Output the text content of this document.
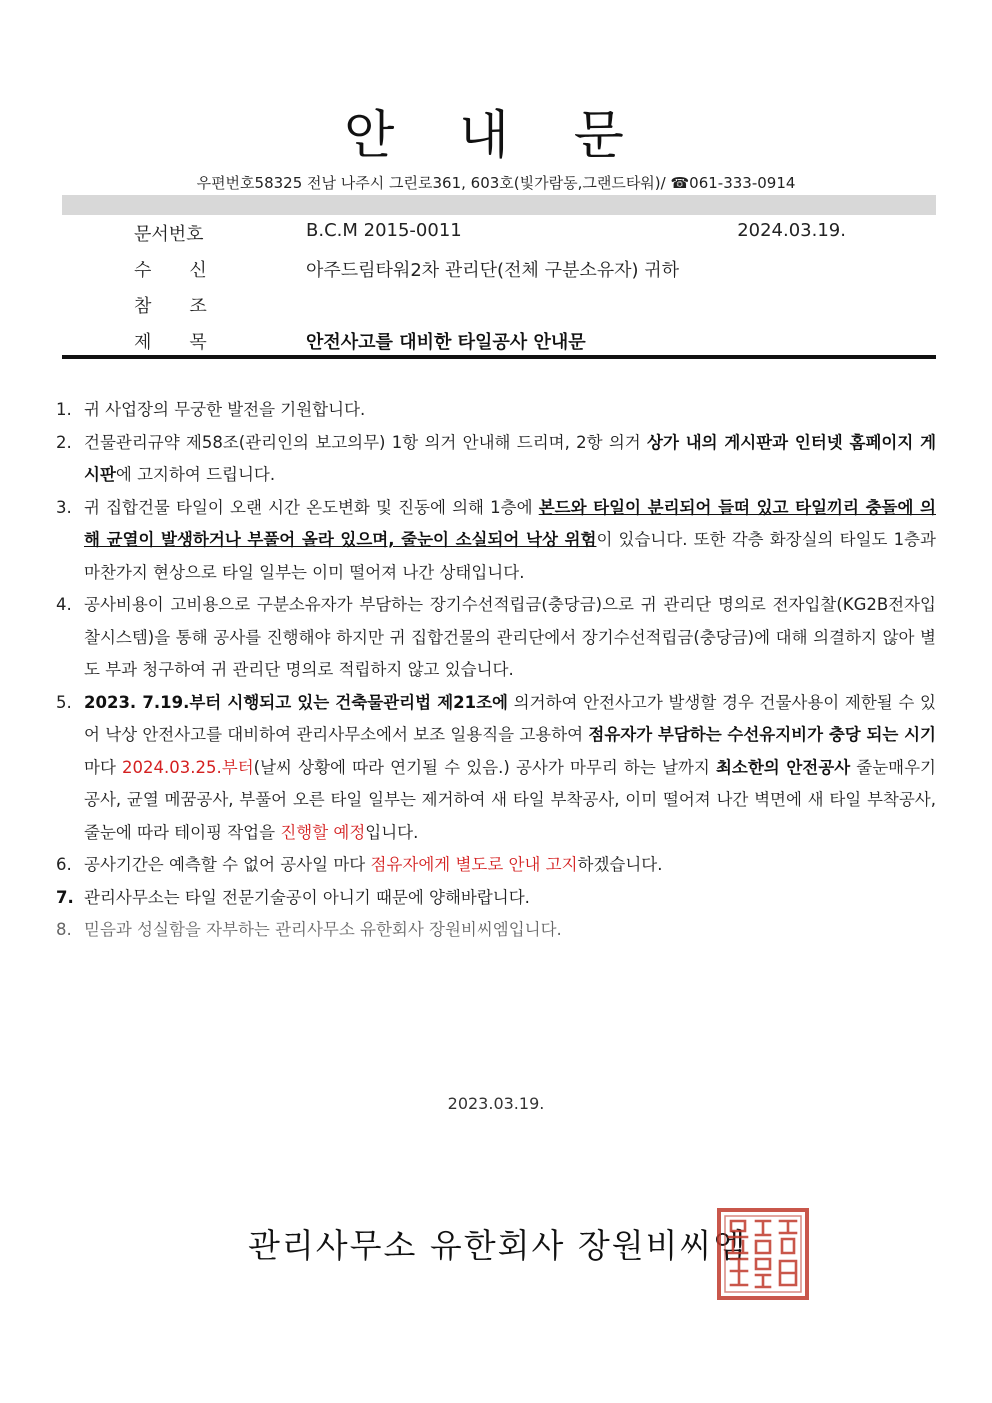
안 내 문
우편번호58325 전남 나주시 그린로361, 603호(빛가람동,그랜드타워)/ ☎061-333-0914
문서번호	B.C.M 2015-0011	2024.03.19.
수신	아주드림타워2차 관리단(전체 구분소유자) 귀하
참조
제목	안전사고를 대비한 타일공사 안내문
1. 귀 사업장의 무궁한 발전을 기원합니다.
2. 건물관리규약 제58조(관리인의 보고의무) 1항 의거 안내해 드리며, 2항 의거 상가 내의 게시판과 인터넷 홈페이지 게시판에 고지하여 드립니다.
3. 귀 집합건물 타일이 오랜 시간 온도변화 및 진동에 의해 1층에 본드와 타일이 분리되어 들떠 있고 타일끼리 충돌에 의해 균열이 발생하거나 부풀어 올라 있으며, 줄눈이 소실되어 낙상 위험이 있습니다. 또한 각층 화장실의 타일도 1층과 마찬가지 현상으로 타일 일부는 이미 떨어져 나간 상태입니다.
4. 공사비용이 고비용으로 구분소유자가 부담하는 장기수선적립금(충당금)으로 귀 관리단 명의로 전자입찰(KG2B전자입찰시스템)을 통해 공사를 진행해야 하지만 귀 집합건물의 관리단에서 장기수선적립금(충당금)에 대해 의결하지 않아 별도 부과 청구하여 귀 관리단 명의로 적립하지 않고 있습니다.
5. 2023. 7.19.부터 시행되고 있는 건축물관리법 제21조에 의거하여 안전사고가 발생할 경우 건물사용이 제한될 수 있어 낙상 안전사고를 대비하여 관리사무소에서 보조 일용직을 고용하여 점유자가 부담하는 수선유지비가 충당 되는 시기마다 2024.03.25.부터(날씨 상황에 따라 연기될 수 있음.) 공사가 마무리 하는 날까지 최소한의 안전공사 줄눈매우기공사, 균열 메꿈공사, 부풀어 오른 타일 일부는 제거하여 새 타일 부착공사, 이미 떨어져 나간 벽면에 새 타일 부착공사, 줄눈에 따라 테이핑 작업을 진행할 예정입니다.
6. 공사기간은 예측할 수 없어 공사일 마다 점유자에게 별도로 안내 고지하겠습니다.
7. 관리사무소는 타일 전문기술공이 아니기 때문에 양해바랍니다.
8. 믿음과 성실함을 자부하는 관리사무소 유한회사 장원비씨엠입니다.
2023.03.19.
관리사무소 유한회사 장원비씨엠
